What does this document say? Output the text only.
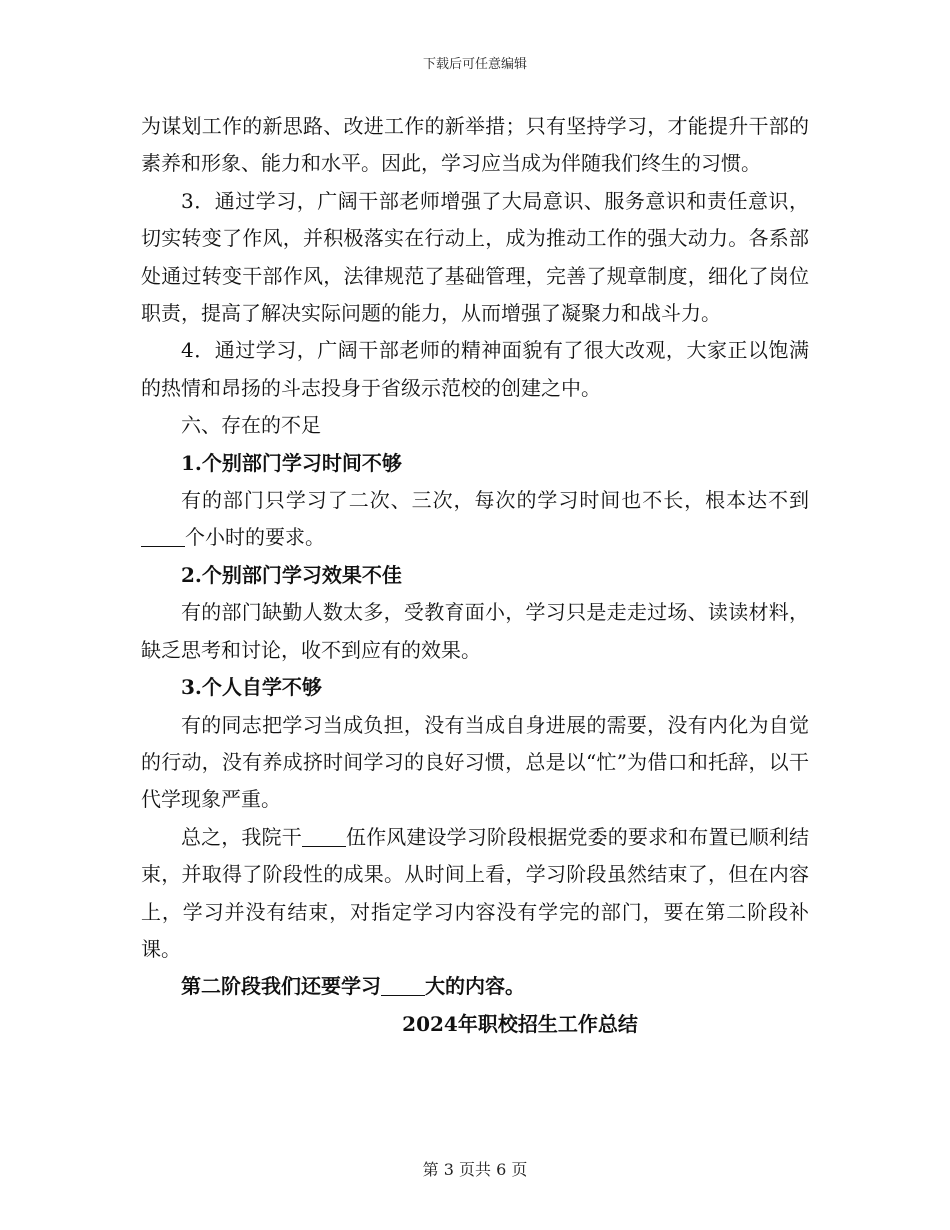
下载后可任意编辑

为谋划工作的新思路、改进工作的新举措；只有坚持学习，才能提升干部的素养和形象、能力和水平。因此，学习应当成为伴随我们终生的习惯。

3．通过学习，广阔干部老师增强了大局意识、服务意识和责任意识，切实转变了作风，并积极落实在行动上，成为推动工作的强大动力。各系部处通过转变干部作风，法律规范了基础管理，完善了规章制度，细化了岗位职责，提高了解决实际问题的能力，从而增强了凝聚力和战斗力。

4．通过学习，广阔干部老师的精神面貌有了很大改观，大家正以饱满的热情和昂扬的斗志投身于省级示范校的创建之中。

六、存在的不足

1.个别部门学习时间不够

有的部门只学习了二次、三次，每次的学习时间也不长，根本达不到个小时的要求。

2.个别部门学习效果不佳

有的部门缺勤人数太多，受教育面小，学习只是走走过场、读读材料，缺乏思考和讨论，收不到应有的效果。

3.个人自学不够

有的同志把学习当成负担，没有当成自身进展的需要，没有内化为自觉的行动，没有养成挤时间学习的良好习惯，总是以“忙”为借口和托辞，以干代学现象严重。

总之，我院干 伍作风建设学习阶段根据党委的要求和布置已顺利结束，并取得了阶段性的成果。从时间上看，学习阶段虽然结束了，但在内容上，学习并没有结束，对指定学习内容没有学完的部门，要在第二阶段补课。

第二阶段我们还要学习 大的内容。

2024年职校招生工作总结

第 3 页共 6 页
